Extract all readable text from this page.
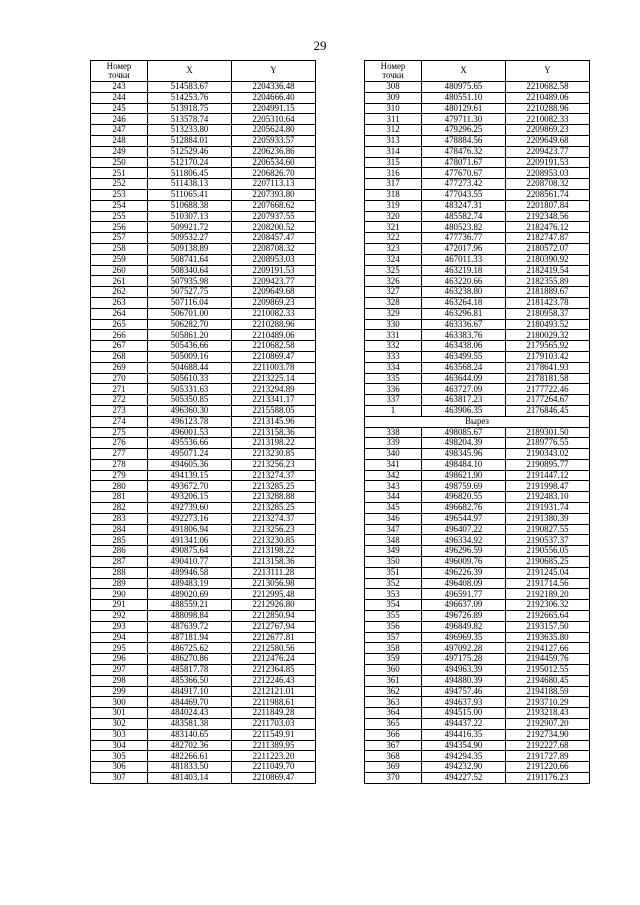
29
Номер
точки	X	Y
243	514583.67	2204336.48
244	514253.76	2204666.40
245	513918.75	2204991.15
246	513578.74	2205310.64
247	513233.80	2205624.80
248	512884.01	2205933.57
249	512529.46	2206236.86
250	512170.24	2206534.60
251	511806.45	2206826.70
252	511438.13	2207113.13
253	511065.41	2207393.80
254	510688.38	2207668.62
255	510307.13	2207937.55
256	509921.72	2208200.52
257	509532.27	2208457.47
258	509138.89	2208708.32
259	508741.64	2208953.03
260	508340.64	2209191.53
261	507935.98	2209423.77
262	507527.75	2209649.68
263	507116.04	2209869.23
264	506701.00	2210082.33
265	506282.70	2210288.96
266	505861.20	2210489.06
267	505436.66	2210682.58
268	505009.16	2210869.47
269	504688.44	2211003.78
270	505610.33	2213225.14
271	505331.63	2213294.89
272	505350.85	2213341.17
273	496360.30	2215588.05
274	496123.78	2213145.96
275	496001.53	2213158.36
276	495536.66	2213198.22
277	495071.24	2213230.85
278	494605.36	2213256.23
279	494139.15	2213274.37
280	493672.70	2213285.25
281	493206.15	2213288.88
282	492739.60	2213285.25
283	492273.16	2213274.37
284	491806.94	2213256.23
285	491341.06	2213230.85
286	490875.64	2213198.22
287	490410.77	2213158.36
288	489946.58	2213111.28
289	489483.19	2213056.98
290	489020.69	2212995.48
291	488559.21	2212926.80
292	488098.84	2212850.94
293	487639.72	2212767.94
294	487181.94	2212677.81
295	486725.62	2212580.56
296	486270.86	2212476.24
297	485817.78	2212364.85
298	485366.50	2212246.43
299	484917.10	2212121.01
300	484469.70	2211988.61
301	484024.43	2211849.28
302	483581.38	2211703.03
303	483140.65	2211549.91
304	482702.36	2211389.95
305	482266.61	2211223.20
306	481833.50	2211049.70
307	481403.14	2210869.47
Номер
точки	X	Y
308	480975.65	2210682.58
309	480551.10	2210489.06
310	480129.61	2210288.96
311	479711.30	2210082.33
312	479296.25	2209869.23
313	478884.56	2209649.68
314	478476.32	2209423.77
315	478071.67	2209191.53
316	477670.67	2208953.03
317	477273.42	2208708.32
318	477043.55	2208561.74
319	483247.31	2201807.84
320	485582.74	2192348.56
321	480523.82	2182476.12
322	477736.77	2182747.87
323	472017.96	2180572.07
324	467011.33	2180390.92
325	463219.18	2182419.54
326	463220.66	2182355.89
327	463238.80	2181889.67
328	463264.18	2181423.78
329	463296.81	2180958.37
330	463336.67	2180493.52
331	463383.76	2180029.32
332	463438.06	2179565.92
333	463499.55	2179103.42
334	463568.24	2178641.93
335	463644.09	2178181.58
336	463727.09	2177722.46
337	463817.23	2177264.67
1	463906.35	2176846.45
Вырез		
338	498085.67	2189301.50
339	498204.39	2189776.55
340	498345.96	2190343.02
341	498484.10	2190895.77
342	498621.90	2191447.12
343	498759.69	2191998.47
344	496820.55	2192483.10
345	496682.76	2191931.74
346	496544.97	2191380.39
347	496407.22	2190827.55
348	496334.92	2190537.37
349	496296.59	2190556.05
350	496009.76	2190685.25
351	496226.39	2191245.04
352	496408.09	2191714.56
353	496591.77	2192189.20
354	496637.09	2192306.32
355	496726.89	2192665.64
356	496849.82	2193157.50
357	496969.35	2193635.80
358	497092.28	2194127.66
359	497175.28	2194459.76
360	494963.39	2195012.55
361	494880.39	2194680.45
362	494757.46	2194188.59
363	494637.93	2193710.29
364	494515.00	2193218.43
365	494437.22	2192907.20
366	494416.35	2192734.90
367	494354.90	2192227.68
368	494294.35	2191727.89
369	494232.90	2191220.66
370	494227.52	2191176.23
